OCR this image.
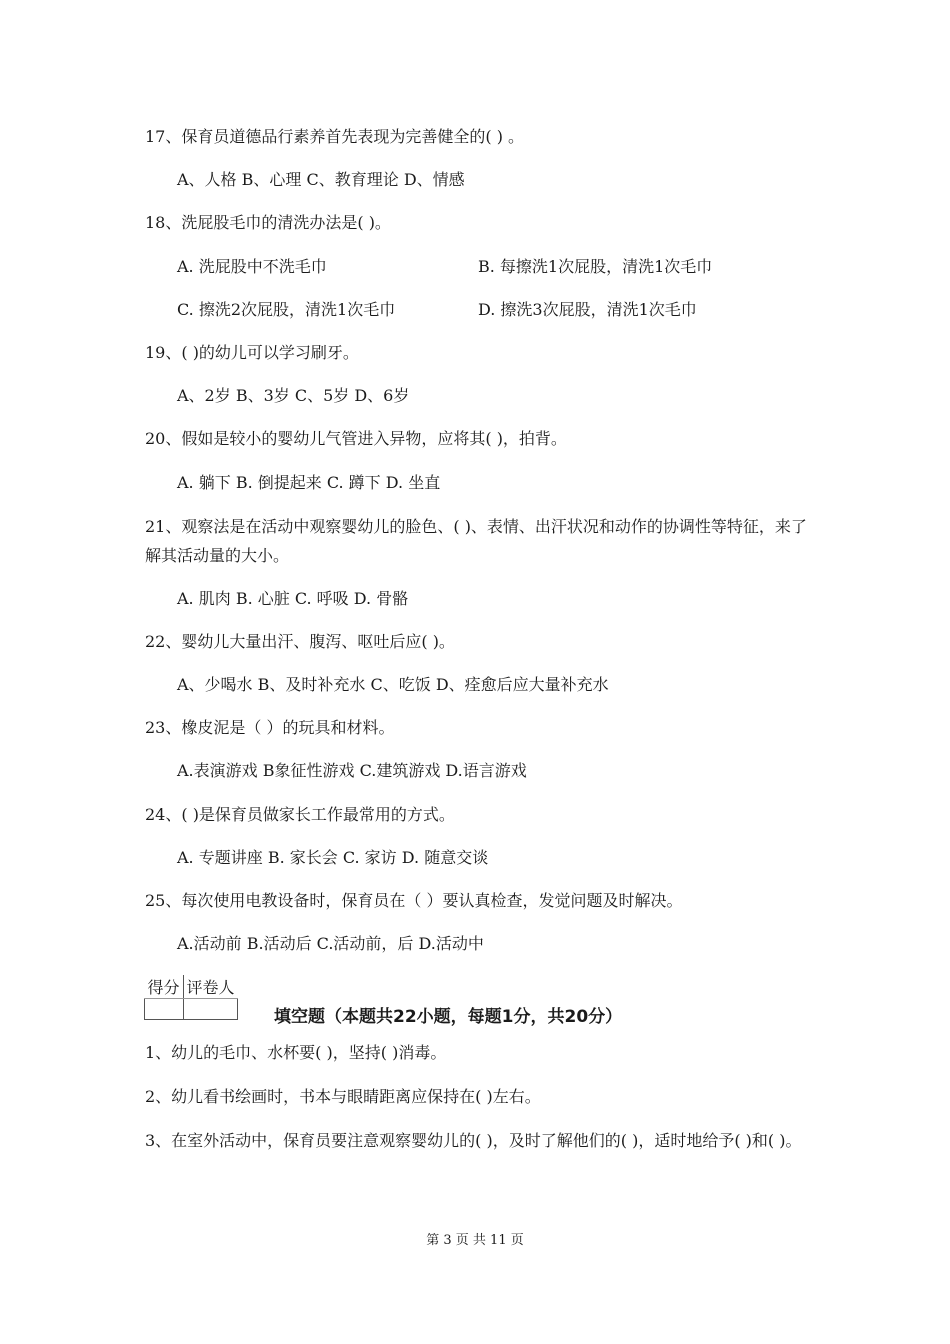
17、保育员道德品行素养首先表现为完善健全的( ) 。
A、人格 B、心理 C、教育理论 D、情感
18、洗屁股毛巾的清洗办法是( )。
A. 洗屁股中不洗毛巾	B. 每擦洗1次屁股，清洗1次毛巾
C. 擦洗2次屁股，清洗1次毛巾	D. 擦洗3次屁股，清洗1次毛巾
19、( )的幼儿可以学习刷牙。
A、2岁 B、3岁 C、5岁 D、6岁
20、假如是较小的婴幼儿气管进入异物，应将其( )，拍背。
A. 躺下 B. 倒提起来 C. 蹲下 D. 坐直
21、观察法是在活动中观察婴幼儿的脸色、( )、表情、出汗状况和动作的协调性等特征，来了解其活动量的大小。
A. 肌肉 B. 心脏 C. 呼吸 D. 骨骼
22、婴幼儿大量出汗、腹泻、呕吐后应( )。
A、少喝水 B、及时补充水 C、吃饭 D、痊愈后应大量补充水
23、橡皮泥是（ ）的玩具和材料。
A.表演游戏 B象征性游戏 C.建筑游戏 D.语言游戏
24、( )是保育员做家长工作最常用的方式。
A. 专题讲座 B. 家长会 C. 家访 D. 随意交谈
25、每次使用电教设备时，保育员在（ ）要认真检查，发觉问题及时解决。
A.活动前 B.活动后 C.活动前，后 D.活动中
得分	评卷人

填空题（本题共22小题，每题1分，共20分）
1、幼儿的毛巾、水杯要( )，坚持( )消毒。
2、幼儿看书绘画时，书本与眼睛距离应保持在( )左右。
3、在室外活动中，保育员要注意观察婴幼儿的( )，及时了解他们的( )，适时地给予( )和( )。
第 3 页 共 11 页
